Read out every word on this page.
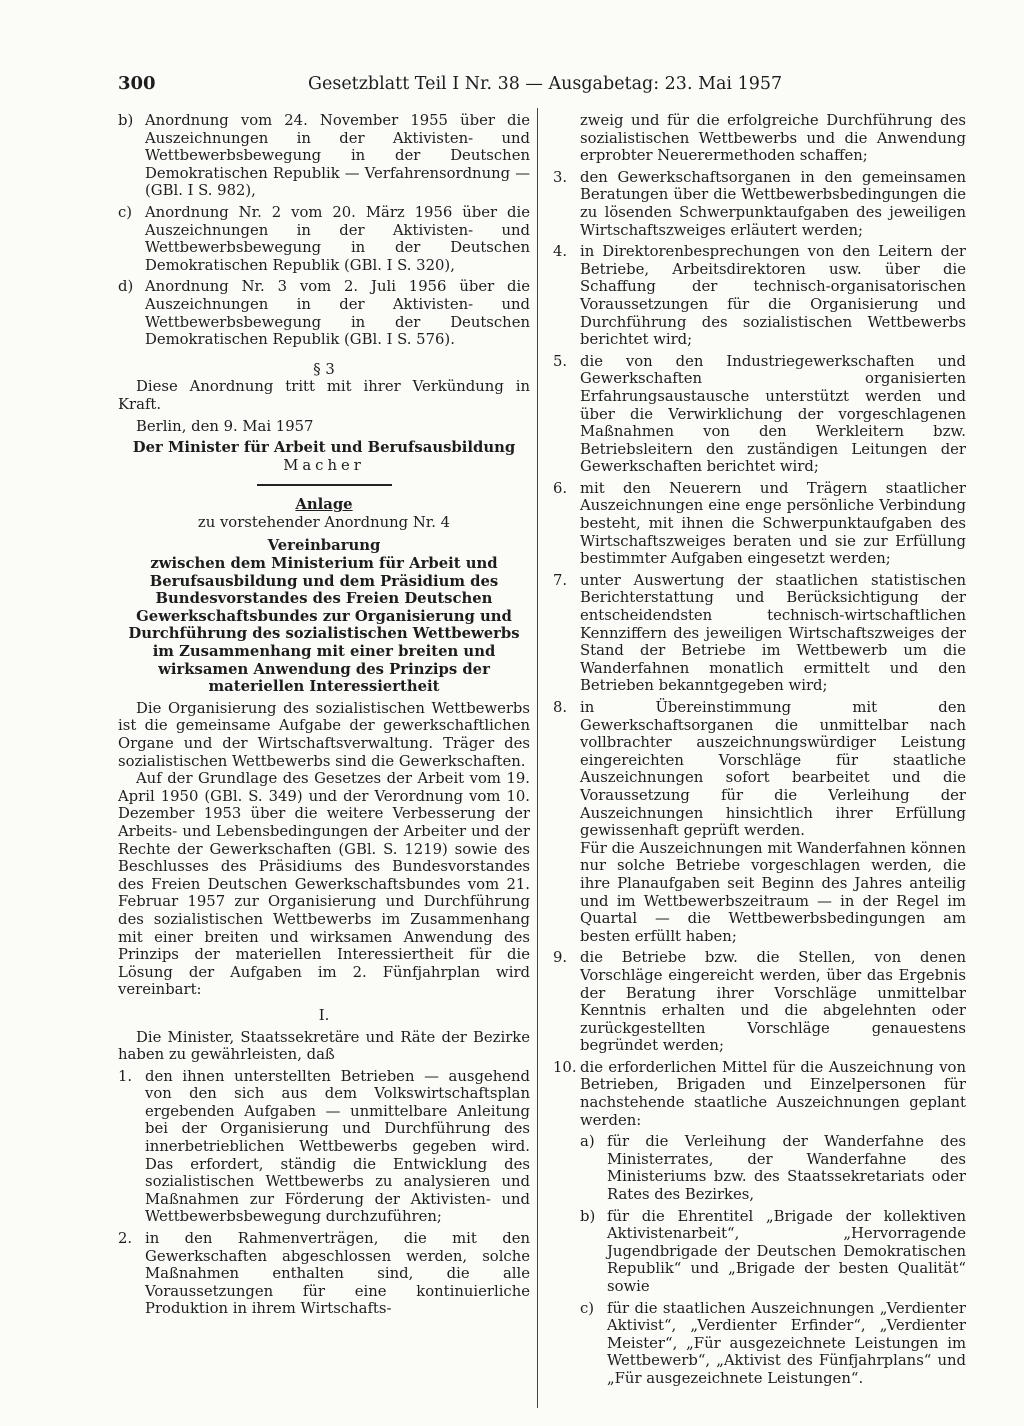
300	Gesetzblatt Teil I Nr. 38 — Ausgabetag: 23. Mai 1957
b) Anordnung vom 24. November 1955 über die Auszeichnungen in der Aktivisten- und Wettbewerbsbewegung in der Deutschen Demokratischen Republik — Verfahrensordnung — (GBl. I S. 982),
c) Anordnung Nr. 2 vom 20. März 1956 über die Auszeichnungen in der Aktivisten- und Wettbewerbsbewegung in der Deutschen Demokratischen Republik (GBl. I S. 320),
d) Anordnung Nr. 3 vom 2. Juli 1956 über die Auszeichnungen in der Aktivisten- und Wettbewerbsbewegung in der Deutschen Demokratischen Republik (GBl. I S. 576).

§ 3

Diese Anordnung tritt mit ihrer Verkündung in Kraft.

Berlin, den 9. Mai 1957

Der Minister für Arbeit und Berufsausbildung

Macher

Anlage

zu vorstehender Anordnung Nr. 4

Vereinbarung

zwischen dem Ministerium für Arbeit und Berufsausbildung und dem Präsidium des Bundesvorstandes des Freien Deutschen Gewerkschaftsbundes zur Organisierung und Durchführung des sozialistischen Wettbewerbs im Zusammenhang mit einer breiten und wirksamen Anwendung des Prinzips der materiellen Interessiertheit

Die Organisierung des sozialistischen Wettbewerbs ist die gemeinsame Aufgabe der gewerkschaftlichen Organe und der Wirtschaftsverwaltung. Träger des sozialistischen Wettbewerbs sind die Gewerkschaften.

Auf der Grundlage des Gesetzes der Arbeit vom 19. April 1950 (GBl. S. 349) und der Verordnung vom 10. Dezember 1953 über die weitere Verbesserung der Arbeits- und Lebensbedingungen der Arbeiter und der Rechte der Gewerkschaften (GBl. S. 1219) sowie des Beschlusses des Präsidiums des Bundesvorstandes des Freien Deutschen Gewerkschaftsbundes vom 21. Februar 1957 zur Organisierung und Durchführung des sozialistischen Wettbewerbs im Zusammenhang mit einer breiten und wirksamen Anwendung des Prinzips der materiellen Interessiertheit für die Lösung der Aufgaben im 2. Fünfjahrplan wird vereinbart:

I.

Die Minister, Staatssekretäre und Räte der Bezirke haben zu gewährleisten, daß

1. den ihnen unterstellten Betrieben — ausgehend von den sich aus dem Volkswirtschaftsplan ergebenden Aufgaben — unmittelbare Anleitung bei der Organisierung und Durchführung des innerbetrieblichen Wettbewerbs gegeben wird. Das erfordert, ständig die Entwicklung des sozialistischen Wettbewerbs zu analysieren und Maßnahmen zur Förderung der Aktivisten- und Wettbewerbsbewegung durchzuführen;
2. in den Rahmenverträgen, die mit den Gewerkschaften abgeschlossen werden, solche Maßnahmen enthalten sind, die alle Voraussetzungen für eine kontinuierliche Produktion in ihrem Wirtschafts-

zweig und für die erfolgreiche Durchführung des sozialistischen Wettbewerbs und die Anwendung erprobter Neuerermethoden schaffen;

3. den Gewerkschaftsorganen in den gemeinsamen Beratungen über die Wettbewerbsbedingungen die zu lösenden Schwerpunktaufgaben des jeweiligen Wirtschaftszweiges erläutert werden;
4. in Direktorenbesprechungen von den Leitern der Betriebe, Arbeitsdirektoren usw. über die Schaffung der technisch-organisatorischen Voraussetzungen für die Organisierung und Durchführung des sozialistischen Wettbewerbs berichtet wird;
5. die von den Industriegewerkschaften und Gewerkschaften organisierten Erfahrungsaustausche unterstützt werden und über die Verwirklichung der vorgeschlagenen Maßnahmen von den Werkleitern bzw. Betriebsleitern den zuständigen Leitungen der Gewerkschaften berichtet wird;
6. mit den Neuerern und Trägern staatlicher Auszeichnungen eine enge persönliche Verbindung besteht, mit ihnen die Schwerpunktaufgaben des Wirtschaftszweiges beraten und sie zur Erfüllung bestimmter Aufgaben eingesetzt werden;
7. unter Auswertung der staatlichen statistischen Berichterstattung und Berücksichtigung der entscheidendsten technisch-wirtschaftlichen Kennziffern des jeweiligen Wirtschaftszweiges der Stand der Betriebe im Wettbewerb um die Wanderfahnen monatlich ermittelt und den Betrieben bekanntgegeben wird;
8. in Übereinstimmung mit den Gewerkschaftsorganen die unmittelbar nach vollbrachter auszeichnungswürdiger Leistung eingereichten Vorschläge für staatliche Auszeichnungen sofort bearbeitet und die Voraussetzung für die Verleihung der Auszeichnungen hinsichtlich ihrer Erfüllung gewissenhaft geprüft werden.
Für die Auszeichnungen mit Wanderfahnen können nur solche Betriebe vorgeschlagen werden, die ihre Planaufgaben seit Beginn des Jahres anteilig und im Wettbewerbszeitraum — in der Regel im Quartal — die Wettbewerbsbedingungen am besten erfüllt haben;
9. die Betriebe bzw. die Stellen, von denen Vorschläge eingereicht werden, über das Ergebnis der Beratung ihrer Vorschläge unmittelbar Kenntnis erhalten und die abgelehnten oder zurückgestellten Vorschläge genauestens begründet werden;
10. die erforderlichen Mittel für die Auszeichnung von Betrieben, Brigaden und Einzelpersonen für nachstehende staatliche Auszeichnungen geplant werden:
a) für die Verleihung der Wanderfahne des Ministerrates, der Wanderfahne des Ministeriums bzw. des Staatssekretariats oder Rates des Bezirkes,
b) für die Ehrentitel „Brigade der kollektiven Aktivistenarbeit“, „Hervorragende Jugendbrigade der Deutschen Demokratischen Republik“ und „Brigade der besten Qualität“ sowie
c) für die staatlichen Auszeichnungen „Verdienter Aktivist“, „Verdienter Erfinder“, „Verdienter Meister“, „Für ausgezeichnete Leistungen im Wettbewerb“, „Aktivist des Fünfjahrplans“ und „Für ausgezeichnete Leistungen“.
